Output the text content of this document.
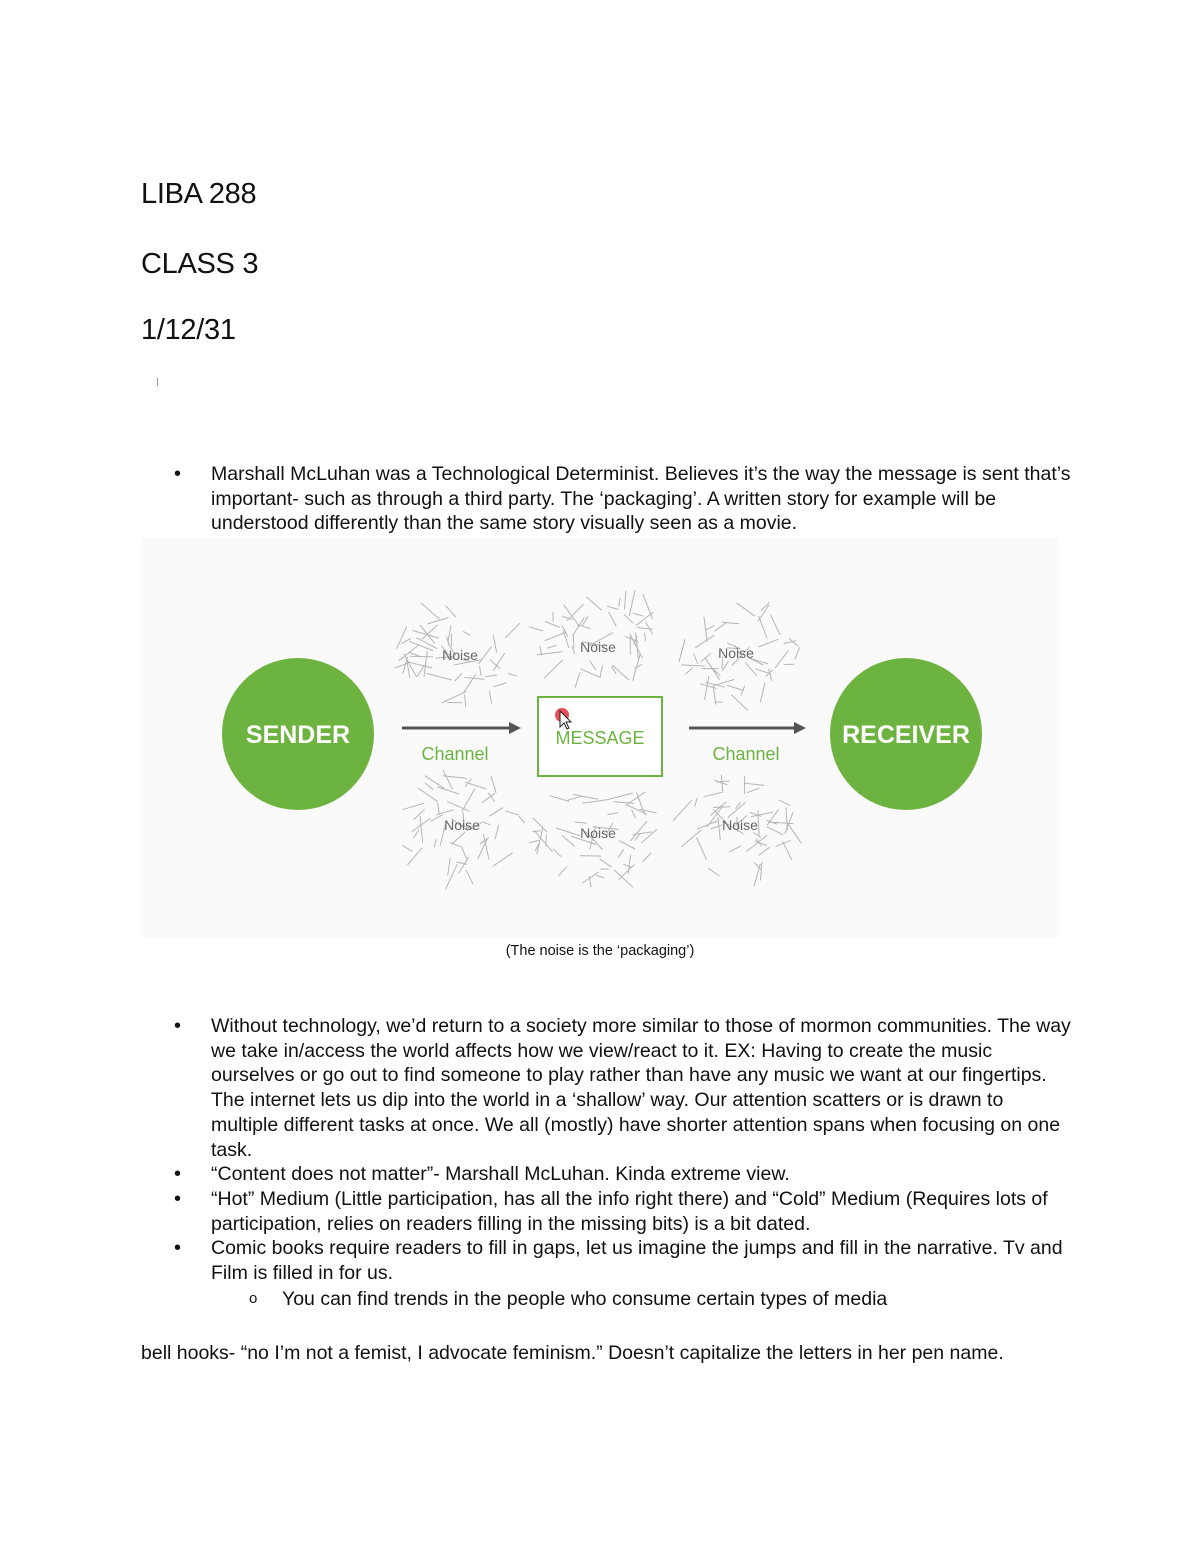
LIBA 288
CLASS 3
1/12/31
• Marshall McLuhan was a Technological Determinist. Believes it’s the way the message is sent that’s important- such as through a third party. The ‘packaging’. A written story for example will be understood differently than the same story visually seen as a movie.
SENDER	RECEIVER
Channel	Channel
MESSAGE
Noise	Noise	Noise
Noise	Noise	Noise
(The noise is the ‘packaging’)
• Without technology, we’d return to a society more similar to those of mormon communities. The way we take in/access the world affects how we view/react to it. EX: Having to create the music ourselves or go out to find someone to play rather than have any music we want at our fingertips. The internet lets us dip into the world in a ‘shallow’ way. Our attention scatters or is drawn to multiple different tasks at once. We all (mostly) have shorter attention spans when focusing on one task.
• “Content does not matter”- Marshall McLuhan. Kinda extreme view.
• “Hot” Medium (Little participation, has all the info right there) and “Cold” Medium (Requires lots of participation, relies on readers filling in the missing bits) is a bit dated.
• Comic books require readers to fill in gaps, let us imagine the jumps and fill in the narrative. Tv and Film is filled in for us.
o You can find trends in the people who consume certain types of media
bell hooks- “no I’m not a femist, I advocate feminism.” Doesn’t capitalize the letters in her pen name.
